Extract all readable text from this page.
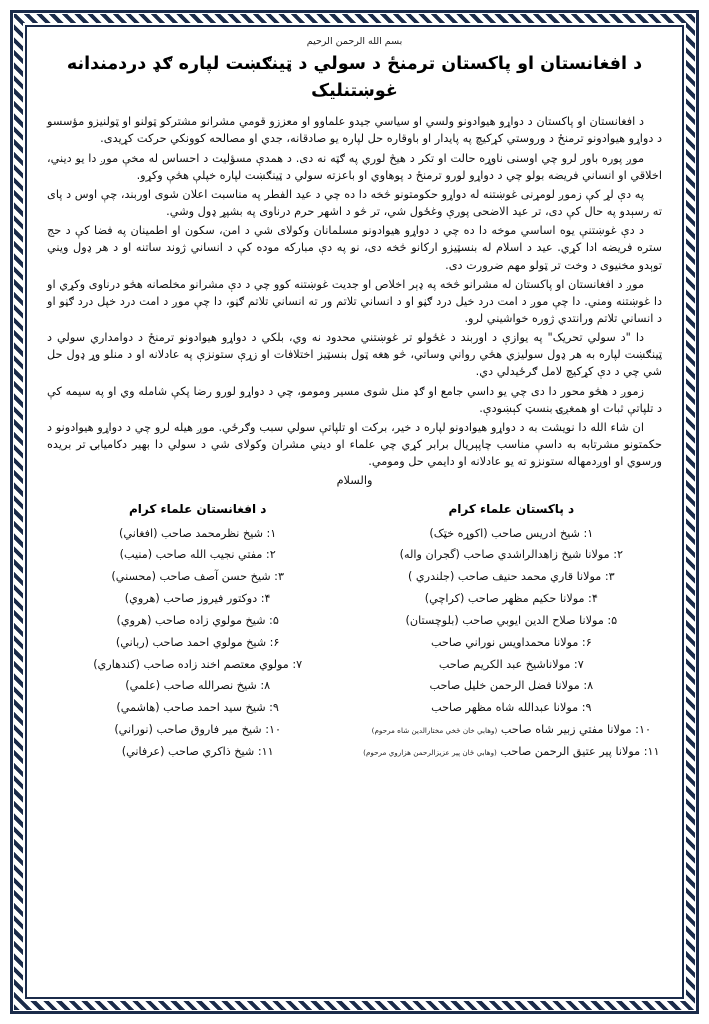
بسم الله الرحمن الرحیم
د افغانستان او پاکستان ترمنځ د سولي د ټینګښت لپاره ګډ دردمندانه غوښتنلیک

د افغانستان او پاکستان د دواړو هیوادونو ولسي او سیاسي جیدو علماوو او معززو قومي مشرانو مشترکو ټولنو او ټولنیزو مؤسسو د دواړو هیوادونو ترمنځ د وروستي کړکیچ په پایدار او باوقاره حل لپاره یو صادقانه، جدي او مصالحه کوونکي حرکت کړیدی.

موږ پوره باور لرو چي اوسنی ناوړه حالت او تکر د هیڅ لوري په ګټه نه دی. د همدې مسؤلیت د احساس له مخې موږ دا یو دیني، اخلاقي او انساني فریضه بولو چي د دواړو لورو ترمنځ د پوهاوي او باعزته سولي د ټینګښت لپاره خپلې هڅې وکړو.

په دې لړ کې زموږ لومړنی غوښتنه له دواړو حکومتونو څخه دا ده چي د عید الفطر په مناسبت اعلان شوی اوربند، چې اوس د پای ته رسېدو په حال کې دی، تر عید الاضحی پورې وغځول شي، تر څو د اشهر حرم درناوی په بشپړ ډول وشي.

د دې غوښتنې یوه اساسي موخه دا ده چي د دواړو هیوادونو مسلمانان وکولای شي د امن، سکون او اطمینان په فضا کې د حج ستره فریضه ادا کړي. عید د اسلام له بنسټیزو ارکانو څخه دی، نو په دې مبارکه موده کې د انساني ژوند ساتنه او د هر ډول ویني توېدو مخنیوی د وخت تر ټولو مهم ضرورت دی.

موږ د افغانستان او پاکستان له مشرانو څخه په ډېر اخلاص او جدیت غوښتنه کوو چي د دې مشرانو مخلصانه هڅو درناوی وکړي او دا غوښتنه ومني. دا چې موږ د امت درد خیل درد ګڼو او د انساني تلاتم ور ته انساني تلاتم ګڼو، دا چې موږ د امت درد خپل درد ګڼو او د انساني تلاتم ورانتدي ژوره خواشیني لرو.

دا "د سولي تحریک" په یوازې د اوربند د غځولو تر غوښتني محدود نه وي، بلکي د دواړو هیوادونو ترمنځ د دوامداري سولي د ټینګښت لپاره به هر ډول سولیزي هڅي رواني وساتي، څو هغه ټول بنسټیز اختلافات او زړې ستونزې په عادلانه او د منلو وړ ډول حل شي چي د دې کړکیچ لامل ګرځیدلي دي.

زموږ د هڅو محور دا دی چي یو داسي جامع او ګډ منل شوی مسیر ومومو، چي د دواړو لورو رضا پکې شامله وي او په سیمه کې د تلپاتې ثبات او همغږۍ بنسټ کېښودې.

ان شاء الله دا نویشت به د دواړو هیوادونو لپاره د خیر، برکت او تلپاتې سولي سبب وګرځي. موږ هیله لرو چي د دواړو هیوادونو د حکمتونو مشرتابه به داسې مناسب چاپېریال برابر کړي چي علماء او دیني مشران وکولای شي د سولي دا بهیر دکامیابۍ تر بریده ورسوي او اوږدمهاله ستونزو ته یو عادلانه او دایمي حل ومومي.

والسلام

د پاکستان علماء کرام
۱: شیخ ادریس صاحب (اکوړه خټک)
۲: مولانا شیخ زاهدالراشدي صاحب (گجران واله)
۳: مولانا قاري محمد حنیف صاحب (جلندري )
۴: مولانا حکیم مظهر صاحب (کراچي)
۵: مولانا صلاح الدین ایوبي صاحب (بلوچستان)
۶: مولانا محمداویس نوراني صاحب
۷: مولاناشیخ عبد الکریم صاحب
۸: مولانا فضل الرحمن خلیل صاحب
۹: مولانا عبدالله شاه مظهر صاحب
۱۰: مولانا مفتي زبیر شاه صاحب (وهابي خان ځخي مختارالدین شاه مرحوم)
۱۱: مولانا پیر عتیق الرحمن صاحب (وهابي ځان پیر عزیزالرحمن هزاروي مرحوم)
د افغانستان علماء کرام
۱: شیخ نظرمحمد صاحب (افغاني)
۲: مفتي نجیب الله صاحب (منیب)
۳: شیخ حسن آصف صاحب (محسني)
۴: دوکتور فیروز صاحب (هروي)
۵: شیخ مولوي زاده صاحب (هروي)
۶: شیخ مولوي احمد صاحب (رباني)
۷: مولوي معتصم اخند زاده صاحب (کندهاري)
۸: شیخ نصرالله صاحب (علمي)
۹: شیخ سید احمد صاحب (هاشمي)
۱۰: شیخ میر فاروق صاحب (نوراني)
۱۱: شیخ ذاکري صاحب (عرفاني)
